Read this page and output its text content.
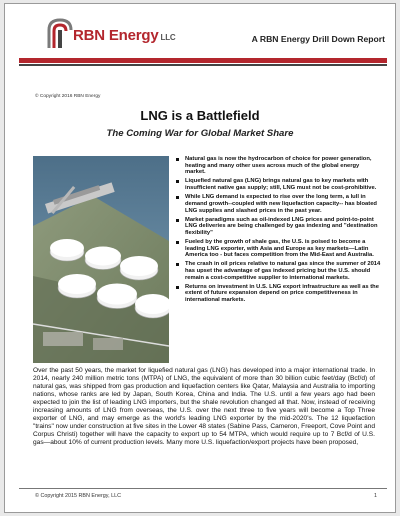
RBN Energy LLC	A RBN Energy Drill Down Report
© Copyright 2016 RBN Energy
LNG is a Battlefield
The Coming War for Global Market Share
Natural gas is now the hydrocarbon of choice for power generation, heating and many other uses across much of the global energy market.
Liquefied natural gas (LNG) brings natural gas to key markets with insufficient native gas supply; still, LNG must not be cost-prohibitive.
While LNG demand is expected to rise over the long term, a lull in demand growth--coupled with new liquefaction capacity-- has bloated LNG supplies and slashed prices in the past year.
Market paradigms such as oil-indexed LNG prices and point-to-point LNG deliveries are being challenged by gas indexing and "destination flexibility"
Fueled by the growth of shale gas, the U.S. is poised to become a leading LNG exporter, with Asia and Europe as key markets—Latin America too - but faces competition from the Mid-East and Australia.
The crash in oil prices relative to natural gas since the summer of 2014 has upset the advantage of gas indexed pricing but the U.S. should remain a cost-competitive supplier to international markets.
Returns on investment in U.S. LNG export infrastructure as well as the extent of future expansion depend on price competitiveness in international markets.

Over the past 50 years, the market for liquefied natural gas (LNG) has developed into a major international trade. In 2014, nearly 240 million metric tons (MTPA) of LNG, the equivalent of more than 30 billion cubic feet/day (Bcf/d) of natural gas, was shipped from gas production and liquefaction centers like Qatar, Malaysia and Australia to importing nations, whose ranks are led by Japan, South Korea, China and India. The U.S. until a few years ago had been expected to join the list of leading LNG importers, but the shale revolution changed all that. Now, instead of receiving increasing amounts of LNG from overseas, the U.S. over the next three to five years will become a Top Three exporter of LNG, and may emerge as the world's leading LNG exporter by the mid-2020's. The 12 liquefaction "trains" now under construction at five sites in the Lower 48 states (Sabine Pass, Cameron, Freeport, Cove Point and Corpus Christi) together will have the capacity to export up to 54 MTPA, which would require up to 7 Bcf/d of U.S. gas—about 10% of current production levels. Many more U.S. liquefaction/export projects have been proposed,

© Copyright 2015 RBN Energy, LLC	1
